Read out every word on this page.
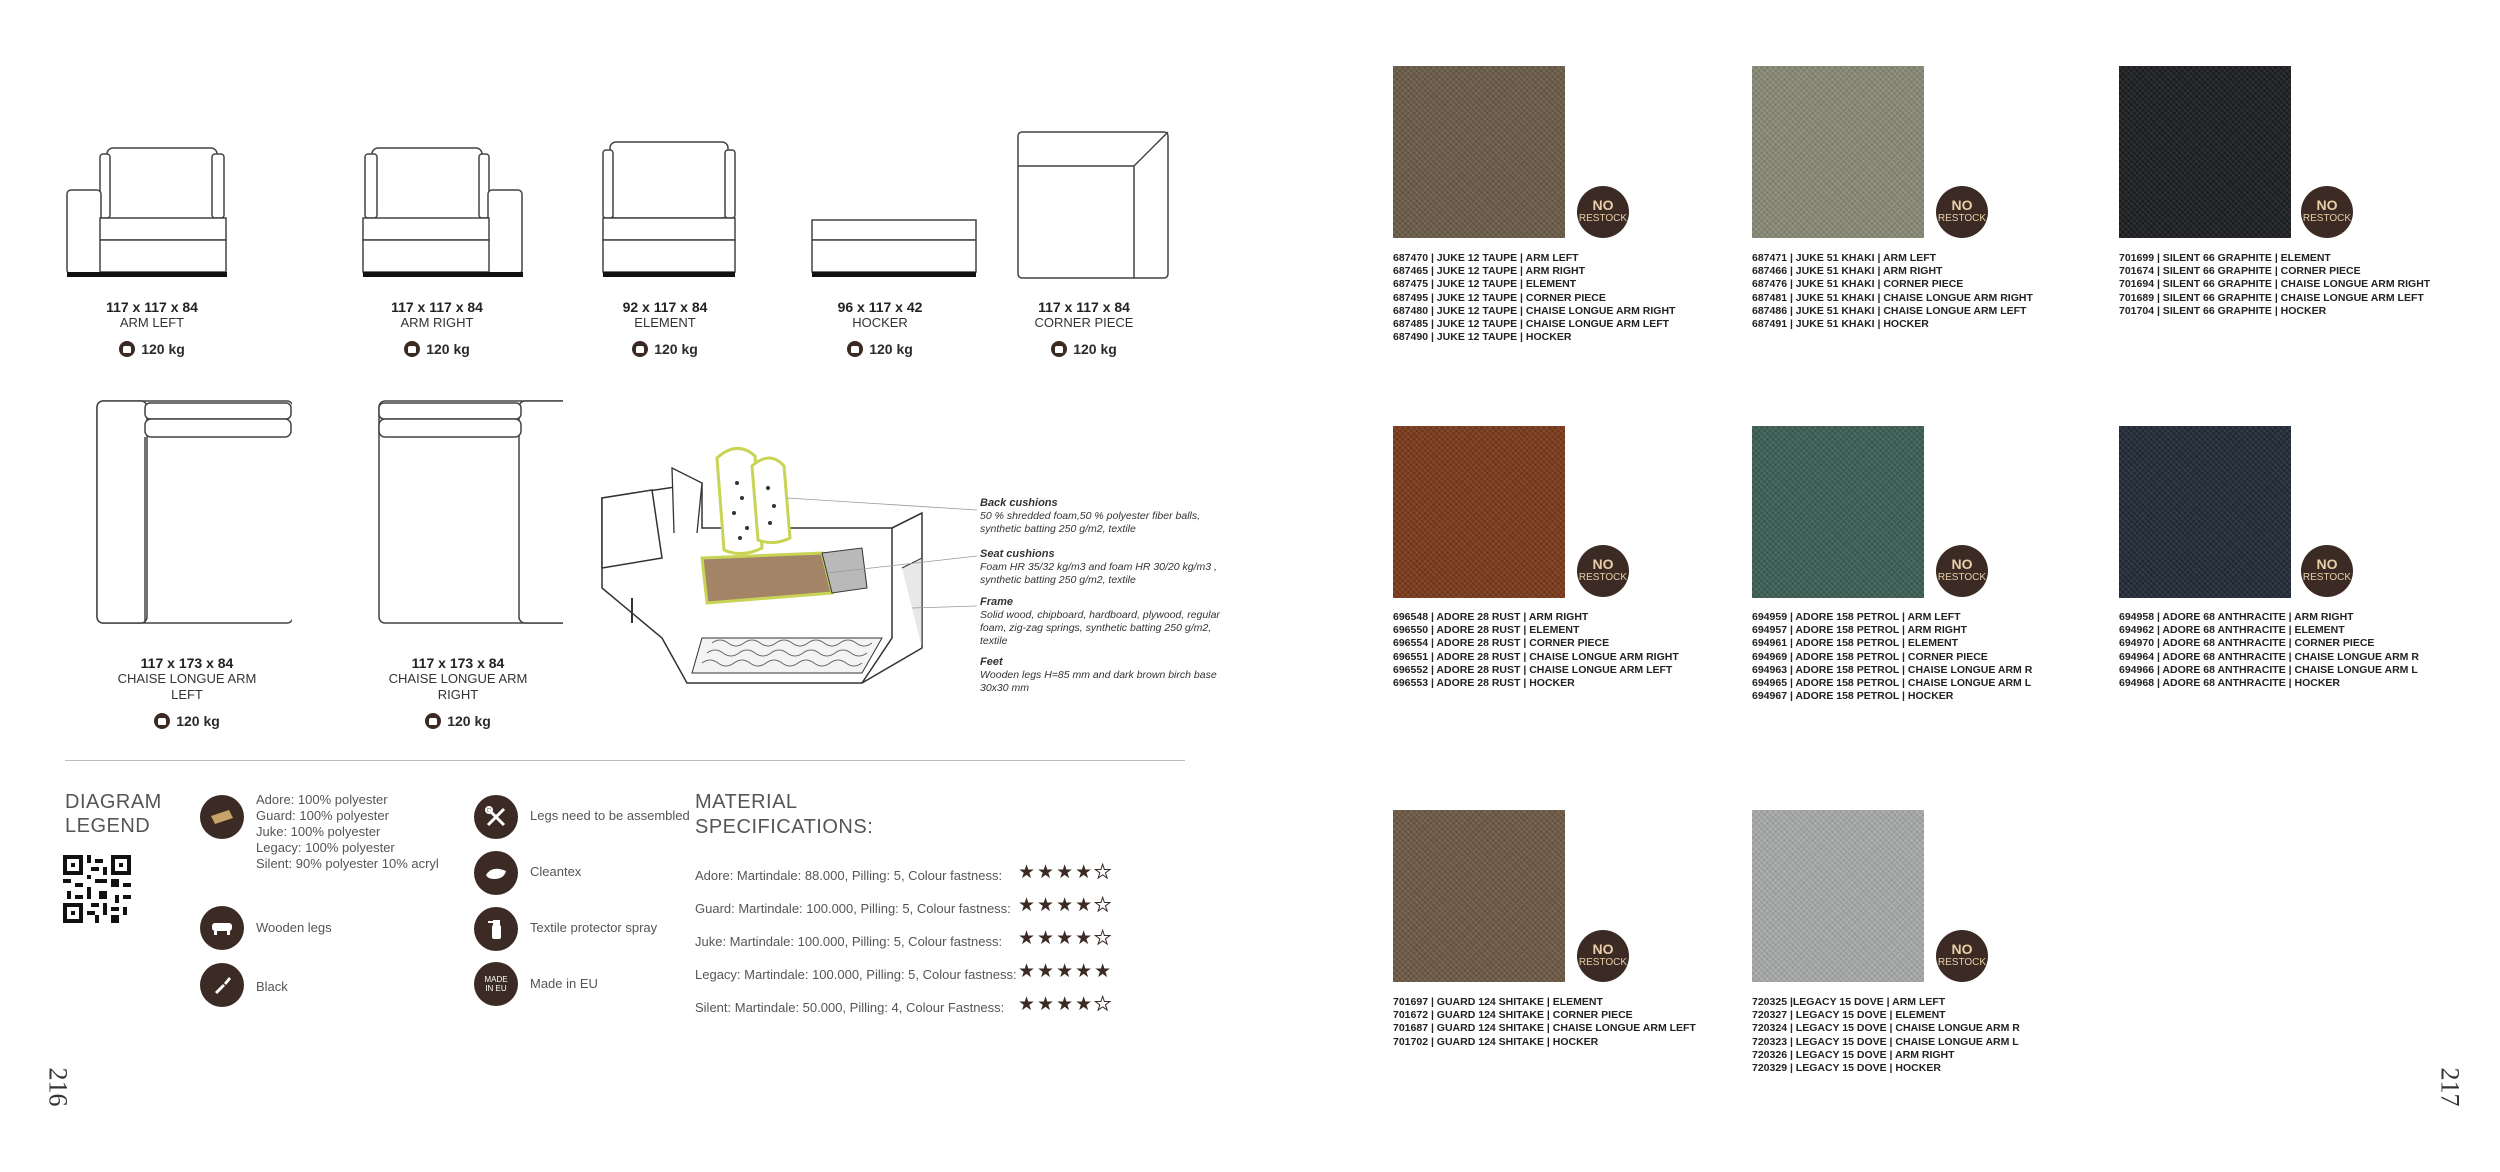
117 x 117 x 84
ARM LEFT
120 kg
117 x 117 x 84
ARM RIGHT
120 kg
92 x 117 x 84
ELEMENT
120 kg
96 x 117 x 42
HOCKER
120 kg
117 x 117 x 84
CORNER PIECE
120 kg
117 x 173 x 84
CHAISE LONGUE ARM LEFT
120 kg
117 x 173 x 84
CHAISE LONGUE ARM RIGHT
120 kg
Back cushions
50 % shredded foam,50 % polyester fiber balls, synthetic batting 250 g/m2, textile
Seat cushions
Foam HR 35/32 kg/m3 and foam HR 30/20 kg/m3 , synthetic batting 250 g/m2, textile
Frame
Solid wood, chipboard, hardboard, plywood, regular foam, zig-zag springs, synthetic batting 250 g/m2, textile
Feet
Wooden legs H=85 mm and dark brown birch base 30x30 mm
DIAGRAM
LEGEND
Adore: 100% polyester
Guard: 100% polyester
Juke: 100% polyester
Legacy: 100% polyester
Silent: 90% polyester 10% acryl
Wooden legs
Black
Legs need to be assembled
Cleantex
Textile protector spray
MADE
IN EU Made in EU
MATERIAL
SPECIFICATIONS:
Adore: Martindale: 88.000, Pilling: 5, Colour fastness: ★★★★★
Guard: Martindale: 100.000, Pilling: 5, Colour fastness: ★★★★★
Juke: Martindale: 100.000, Pilling: 5, Colour fastness: ★★★★★
Legacy: Martindale: 100.000, Pilling: 5, Colour fastness: ★★★★★
Silent: Martindale: 50.000, Pilling: 4, Colour Fastness: ★★★★★
216
NO
RESTOCK
687470 | JUKE 12 TAUPE | ARM LEFT
687465 | JUKE 12 TAUPE | ARM RIGHT
687475 | JUKE 12 TAUPE | ELEMENT
687495 | JUKE 12 TAUPE | CORNER PIECE
687480 | JUKE 12 TAUPE | CHAISE LONGUE ARM RIGHT
687485 | JUKE 12 TAUPE | CHAISE LONGUE ARM LEFT
687490 | JUKE 12 TAUPE | HOCKER
NO
RESTOCK
687471 | JUKE 51 KHAKI | ARM LEFT
687466 | JUKE 51 KHAKI | ARM RIGHT
687476 | JUKE 51 KHAKI | CORNER PIECE
687481 | JUKE 51 KHAKI | CHAISE LONGUE ARM RIGHT
687486 | JUKE 51 KHAKI | CHAISE LONGUE ARM LEFT
687491 | JUKE 51 KHAKI | HOCKER
NO
RESTOCK
701699 | SILENT 66 GRAPHITE | ELEMENT
701674 | SILENT 66 GRAPHITE | CORNER PIECE
701694 | SILENT 66 GRAPHITE | CHAISE LONGUE ARM RIGHT
701689 | SILENT 66 GRAPHITE | CHAISE LONGUE ARM LEFT
701704 | SILENT 66 GRAPHITE | HOCKER
NO
RESTOCK
696548 | ADORE 28 RUST | ARM RIGHT
696550 | ADORE 28 RUST | ELEMENT
696554 | ADORE 28 RUST | CORNER PIECE
696551 | ADORE 28 RUST | CHAISE LONGUE ARM RIGHT
696552 | ADORE 28 RUST | CHAISE LONGUE ARM LEFT
696553 | ADORE 28 RUST | HOCKER
NO
RESTOCK
694959 | ADORE 158 PETROL | ARM LEFT
694957 | ADORE 158 PETROL | ARM RIGHT
694961 | ADORE 158 PETROL | ELEMENT
694969 | ADORE 158 PETROL | CORNER PIECE
694963 | ADORE 158 PETROL | CHAISE LONGUE ARM R
694965 | ADORE 158 PETROL | CHAISE LONGUE ARM L
694967 | ADORE 158 PETROL | HOCKER
NO
RESTOCK
694958 | ADORE 68 ANTHRACITE | ARM RIGHT
694962 | ADORE 68 ANTHRACITE | ELEMENT
694970 | ADORE 68 ANTHRACITE | CORNER PIECE
694964 | ADORE 68 ANTHRACITE | CHAISE LONGUE ARM R
694966 | ADORE 68 ANTHRACITE | CHAISE LONGUE ARM L
694968 | ADORE 68 ANTHRACITE | HOCKER
NO
RESTOCK
701697 | GUARD 124 SHITAKE | ELEMENT
701672 | GUARD 124 SHITAKE | CORNER PIECE
701687 | GUARD 124 SHITAKE | CHAISE LONGUE ARM LEFT
701702 | GUARD 124 SHITAKE | HOCKER
NO
RESTOCK
720325 |LEGACY 15 DOVE | ARM LEFT
720327 | LEGACY 15 DOVE | ELEMENT
720324 | LEGACY 15 DOVE | CHAISE LONGUE ARM R
720323 | LEGACY 15 DOVE | CHAISE LONGUE ARM L
720326 | LEGACY 15 DOVE | ARM RIGHT
720329 | LEGACY 15 DOVE | HOCKER	217
